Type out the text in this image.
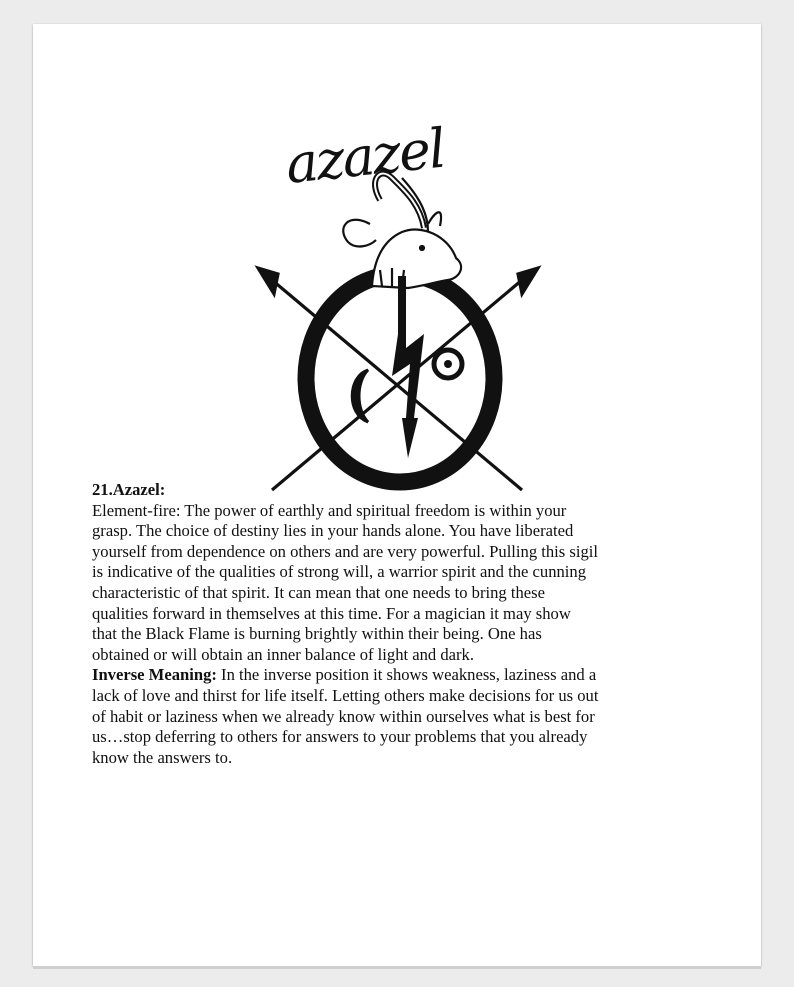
azazel
21.Azazel:
Element-fire: The power of earthly and spiritual freedom is within your
grasp. The choice of destiny lies in your hands alone. You have liberated
yourself from dependence on others and are very powerful. Pulling this sigil
is indicative of the qualities of strong will, a warrior spirit and the cunning
characteristic of that spirit. It can mean that one needs to bring these
qualities forward in themselves at this time. For a magician it may show
that the Black Flame is burning brightly within their being. One has
obtained or will obtain an inner balance of light and dark.
Inverse Meaning: In the inverse position it shows weakness, laziness and a
lack of love and thirst for life itself. Letting others make decisions for us out
of habit or laziness when we already know within ourselves what is best for
us…stop deferring to others for answers to your problems that you already
know the answers to.
